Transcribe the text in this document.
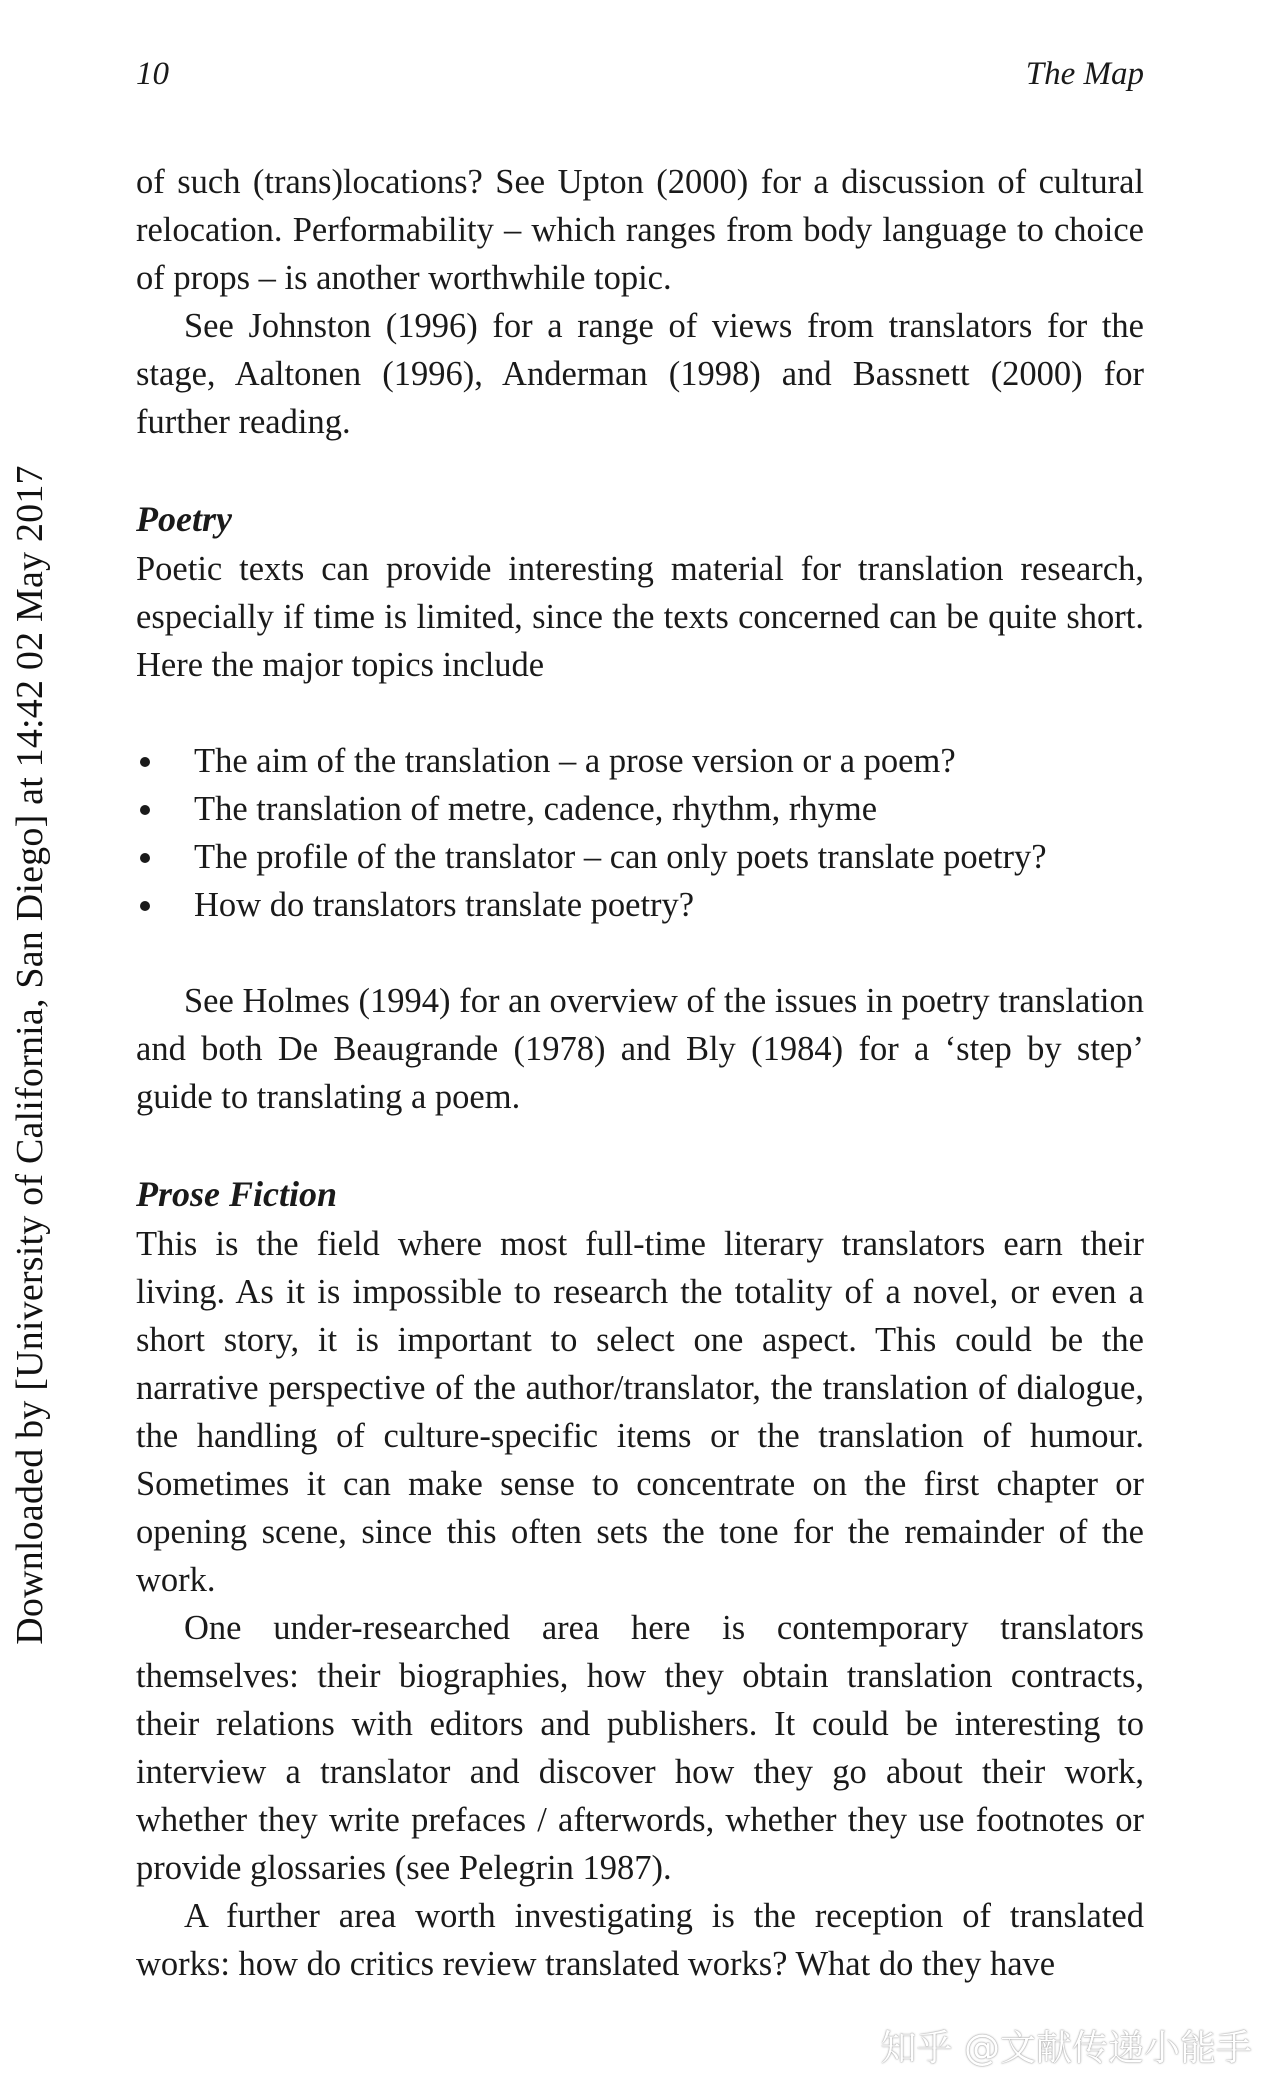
10	The Map
Downloaded by [University of California, San Diego] at 14:42 02 May 2017

of such (trans)locations? See Upton (2000) for a discussion of cultural relocation. Performability – which ranges from body language to choice of props – is another worthwhile topic.

See Johnston (1996) for a range of views from translators for the stage, Aaltonen (1996), Anderman (1998) and Bassnett (2000) for further reading.

Poetry

Poetic texts can provide interesting material for translation research, especially if time is limited, since the texts concerned can be quite short. Here the major topics include

The aim of the translation – a prose version or a poem?
The translation of metre, cadence, rhythm, rhyme
The profile of the translator – can only poets translate poetry?
How do translators translate poetry?

See Holmes (1994) for an overview of the issues in poetry translation and both De Beaugrande (1978) and Bly (1984) for a ‘step by step’ guide to translating a poem.

Prose Fiction

This is the field where most full-time literary translators earn their living. As it is impossible to research the totality of a novel, or even a short story, it is important to select one aspect. This could be the narrative perspective of the author/translator, the translation of dialogue, the handling of culture-specific items or the translation of humour. Sometimes it can make sense to concentrate on the first chapter or opening scene, since this often sets the tone for the remainder of the work.

One under-researched area here is contemporary translators themselves: their biographies, how they obtain translation contracts, their relations with editors and publishers. It could be interesting to interview a translator and discover how they go about their work, whether they write prefaces / afterwords, whether they use footnotes or provide glossaries (see Pelegrin 1987).

A further area worth investigating is the reception of translated works: how do critics review translated works? What do they have

知乎 @文献传递小能手
